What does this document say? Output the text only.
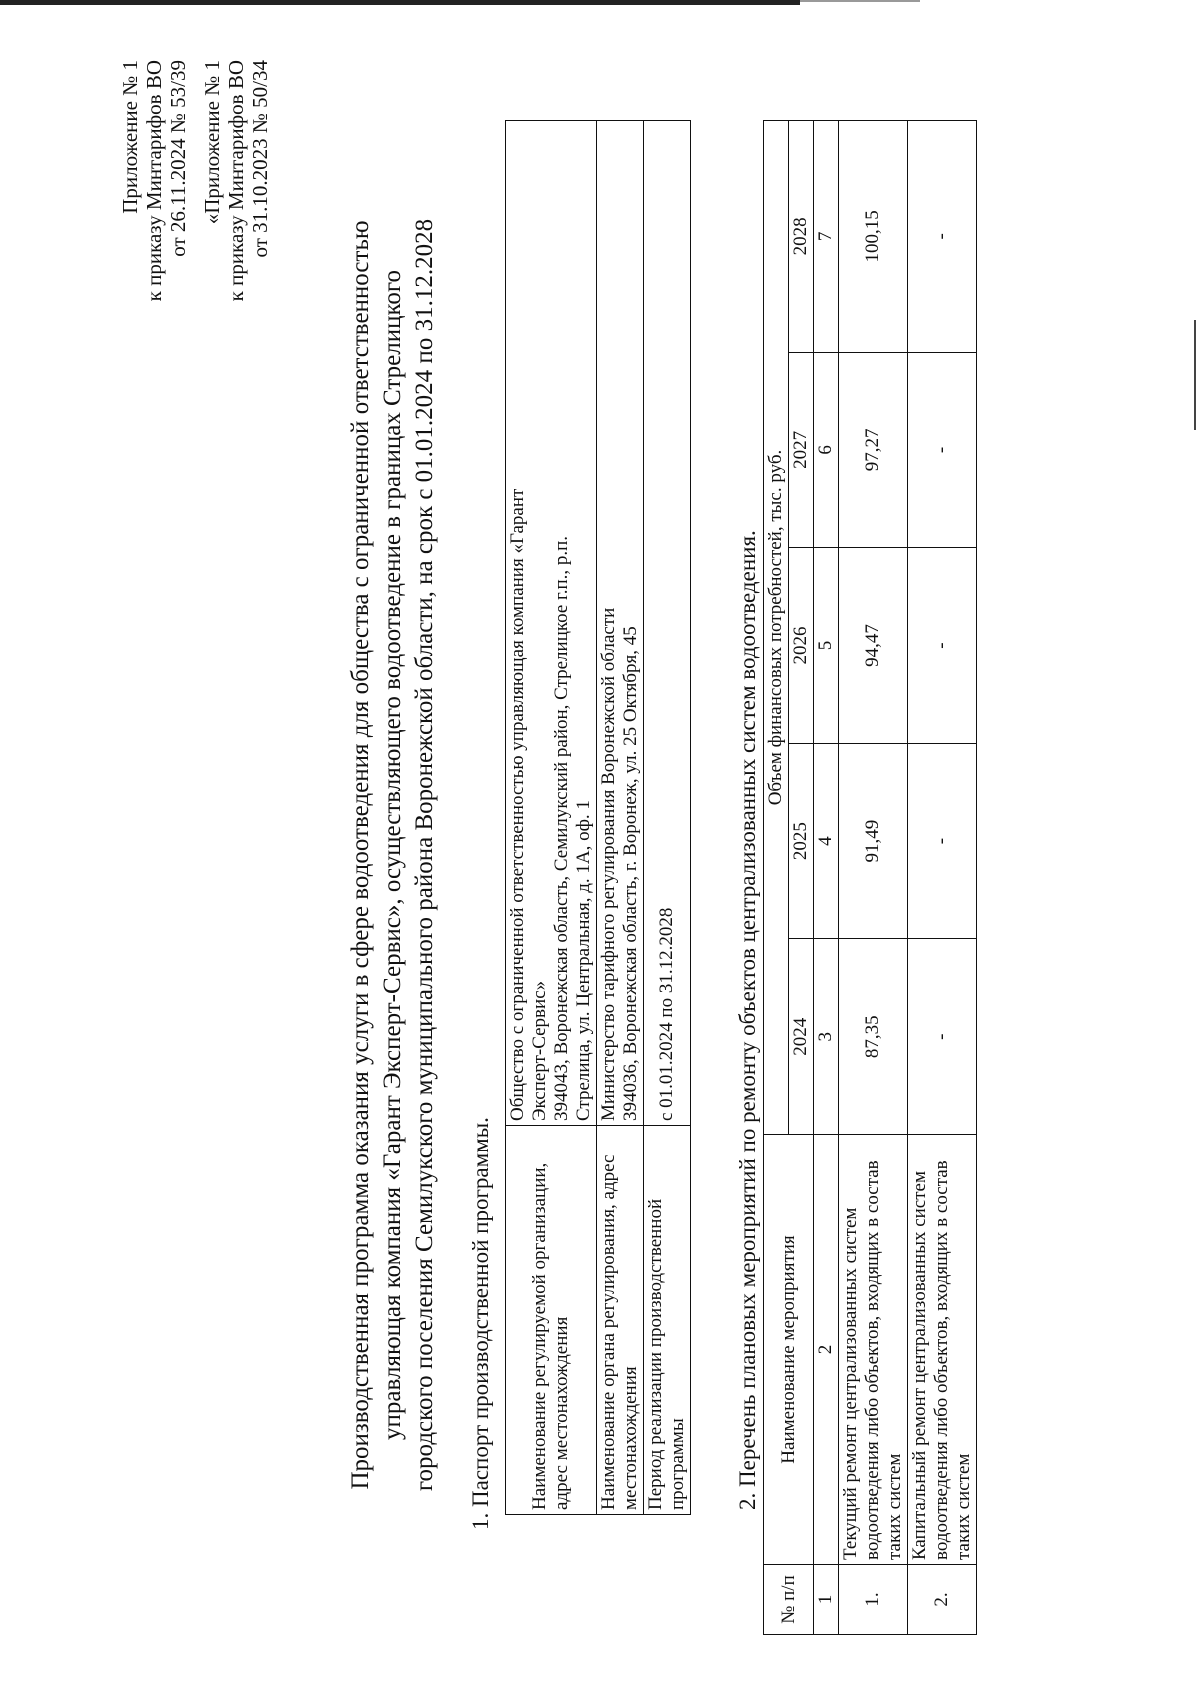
Приложение № 1 к приказу Минтарифов ВО от 26.11.2024 № 53/39 «Приложение № 1 к приказу Минтарифов ВО от 31.10.2023 № 50/34
Производственная программа оказания услуги в сфере водоотведения для общества с ограниченной ответственностью управляющая компания «Гарант Эксперт-Сервис», осуществляющего водоотведение в границах Стрелицкого городского поселения Семилукского муниципального района Воронежской области, на срок с 01.01.2024 по 31.12.2028 1. Паспорт производственной программы. Наименование регулируемой организации, адрес местонахождения	Общество с ограниченной ответственностью управляющая компания «Гарант Эксперт-Сервис» 394043, Воронежская область, Семилукский район, Стрелицкое г.п., р.п. Стрелица, ул. Центральная, д. 1А, оф. 1

Наименование органа регулирования, адрес местонахождения	Министерство тарифного регулирования Воронежской области 394036, Воронежская область, г. Воронеж, ул. 25 Октября, 45

Период реализации производственной программы	с 01.01.2024 по 31.12.2028	2. Перечень плановых мероприятий по ремонту объектов централизованных систем водоотведения.
№ п/п	Наименование мероприятия	Объем финансовых потребностей, тыс. руб.				
		2024	2025	2026	2027	2028
1	2	3	4	5	6	7
1.	Текущий ремонт централизованных систем водоотведения либо объектов, входящих в состав таких систем	87,35	91,49	94,47	97,27	100,15
2.	Капитальный ремонт централизованных систем водоотведения либо объектов, входящих в состав таких систем	-	-	-	-	-
